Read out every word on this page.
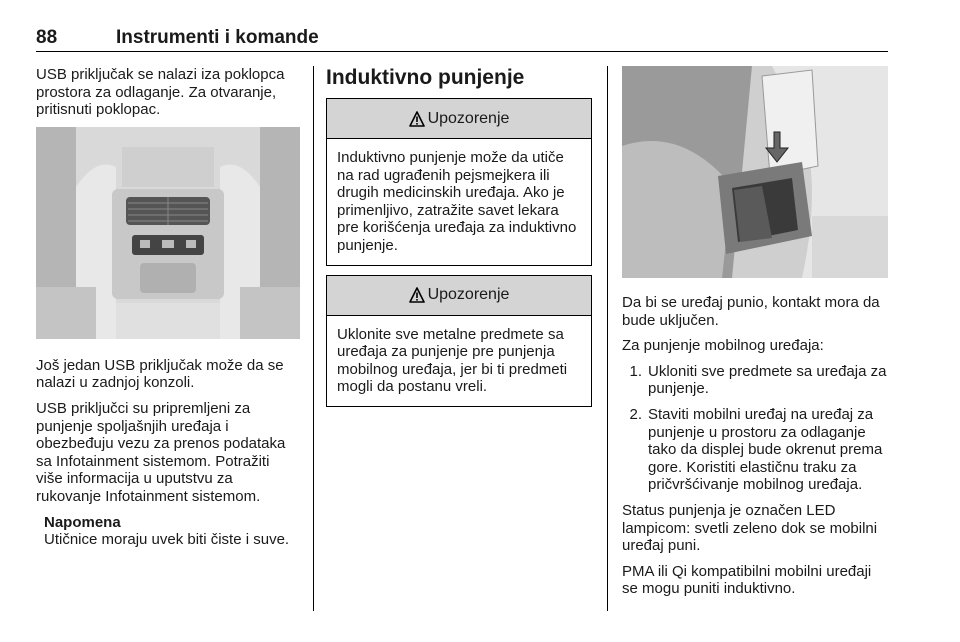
88	Instrumenti i komande

USB priključak se nalazi iza poklopca prostora za odlaganje. Za otvaranje, pritisnuti poklopac.

Još jedan USB priključak može da se nalazi u zadnjoj konzoli.

USB priključci su pripremljeni za punjenje spoljašnjih uređaja i obezbeđuju vezu za prenos podataka sa Infotainment sistemom. Potražiti više informacija u uputstvu za rukovanje Infotainment sistemom.

Napomena
Utičnice moraju uvek biti čiste i suve.
Induktivno punjenje
Upozorenje
Induktivno punjenje može da utiče na rad ugrađenih pejsmejkera ili drugih medicinskih uređaja. Ako je primenljivo, zatražite savet lekara pre korišćenja uređaja za induktivno punjenje.
Upozorenje
Uklonite sve metalne predmete sa uređaja za punjenje pre punjenja mobilnog uređaja, jer bi ti predmeti mogli da postanu vreli.

Da bi se uređaj punio, kontakt mora da bude uključen.

Za punjenje mobilnog uređaja:

1. Ukloniti sve predmete sa uređaja za punjenje.
2. Staviti mobilni uređaj na uređaj za punjenje u prostoru za odlaganje tako da displej bude okrenut prema gore. Koristiti elastičnu traku za pričvršćivanje mobilnog uređaja.

Status punjenja je označen LED lampicom: svetli zeleno dok se mobilni uređaj puni.

PMA ili Qi kompatibilni mobilni uređaji se mogu puniti induktivno.
